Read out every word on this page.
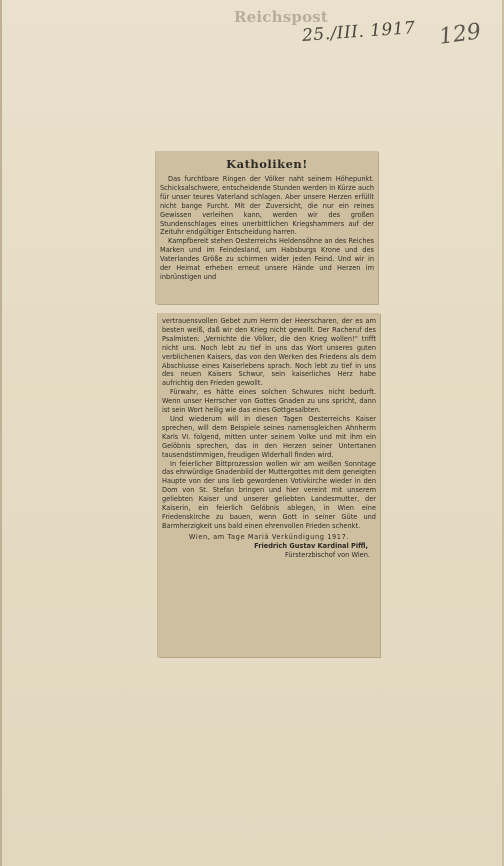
Reichspost
25./III. 1917 129
Katholiken!

Das furchtbare Ringen der Völker naht seinem Höhepunkt. Schicksalschwere, entscheidende Stunden werden in Kürze auch für unser teures Vaterland schlagen. Aber unsere Herzen erfüllt nicht bange Furcht. Mit der Zuversicht, die nur ein reines Gewissen verleihen kann, werden wir des großen Stundenschlages eines unerbittlichen Kriegshammers auf der Zeituhr endgültiger Entscheidung harren.

Kampfbereit stehen Oesterreichs Heldensöhne an des Reiches Marken und im Feindesland, um Habsburgs Krone und des Vaterlandes Größe zu schirmen wider jeden Feind. Und wir in der Heimat erheben erneut unsere Hände und Herzen im inbrünstigen und

vertrauensvollen Gebet zum Herrn der Heerscharen, der es am besten weiß, daß wir den Krieg nicht gewollt. Der Racheruf des Psalmisten: „Vernichte die Völker, die den Krieg wollen!“ trifft nicht uns. Noch lebt zu tief in uns das Wort unseres guten verblichenen Kaisers, das von den Werken des Friedens als dem Abschlusse eines Kaiserlebens sprach. Noch lebt zu tief in uns des neuen Kaisers Schwur, sein kaiserliches Herz habe aufrichtig den Frieden gewollt.

Fürwahr, es hätte eines solchen Schwures nicht bedurft. Wenn unser Herrscher von Gottes Gnaden zu uns spricht, dann ist sein Wort heilig wie das eines Gottgesalbten.

Und wiederum will in diesen Tagen Oesterreichs Kaiser sprechen, will dem Beispiele seines namensgleichen Ahnherrn Karls VI. folgend, mitten unter seinem Volke und mit ihm ein Gelöbnis sprechen, das in den Herzen seiner Untertanen tausendstimmigen, freudigen Widerhall finden wird.

In feierlicher Bittprozession wollen wir am weißen Sonntage das ehrwürdige Gnadenbild der Muttergottes mit dem geneigten Haupte von der uns lieb gewordenen Votivkirche wieder in den Dom von St. Stefan bringen und hier vereint mit unserem geliebten Kaiser und unserer geliebten Landesmutter, der Kaiserin, ein feierlich Gelöbnis ablegen, in Wien eine Friedenskirche zu bauen, wenn Gott in seiner Güte und Barmherzigkeit uns bald einen ehrenvollen Frieden schenkt.

Wien, am Tage Mariä Verkündigung 1917.
Friedrich Gustav Kardinal Piffl,
Fürsterzbischof von Wien.
